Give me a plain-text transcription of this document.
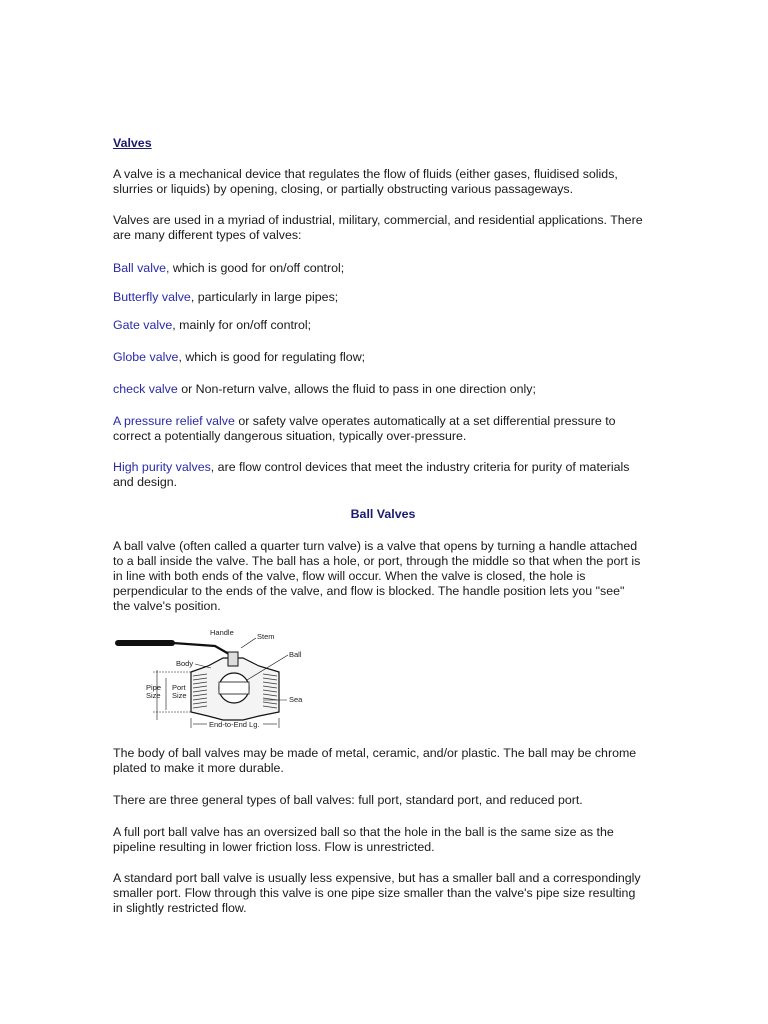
Valves

A valve is a mechanical device that regulates the flow of fluids (either gases, fluidised solids, slurries or liquids) by opening, closing, or partially obstructing various passageways.

Valves are used in a myriad of industrial, military, commercial, and residential applications. There are many different types of valves:

Ball valve, which is good for on/off control;

Butterfly valve, particularly in large pipes;

Gate valve, mainly for on/off control;

Globe valve, which is good for regulating flow;

check valve or Non-return valve, allows the fluid to pass in one direction only;

A pressure relief valve or safety valve operates automatically at a set differential pressure to correct a potentially dangerous situation, typically over-pressure.

High purity valves, are flow control devices that meet the industry criteria for purity of materials and design.

Ball Valves

A ball valve (often called a quarter turn valve) is a valve that opens by turning a handle attached to a ball inside the valve. The ball has a hole, or port, through the middle so that when the port is in line with both ends of the valve, flow will occur. When the valve is closed, the hole is perpendicular to the ends of the valve, and flow is blocked. The handle position lets you "see" the valve's position.

The body of ball valves may be made of metal, ceramic, and/or plastic. The ball may be chrome plated to make it more durable.

There are three general types of ball valves: full port, standard port, and reduced port.

A full port ball valve has an oversized ball so that the hole in the ball is the same size as the pipeline resulting in lower friction loss. Flow is unrestricted.

A standard port ball valve is usually less expensive, but has a smaller ball and a correspondingly smaller port. Flow through this valve is one pipe size smaller than the valve's pipe size resulting in slightly restricted flow.

Handle	Stem
Ball
Body
Pipe
Size
Port
Size	Sea
End-to-End Lg.
